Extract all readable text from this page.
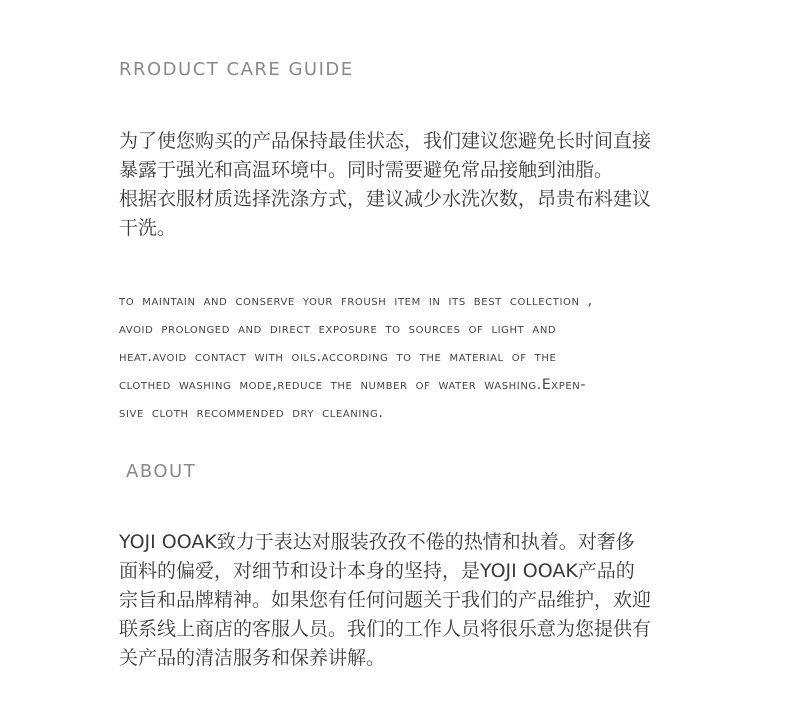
RRODUCT CARE GUIDE

为了使您购买的产品保持最佳状态，我们建议您避免长时间直接
暴露于强光和高温环境中。同时需要避免常品接触到油脂。
根据衣服材质选择洗涤方式，建议减少水洗次数，昂贵布料建议
干洗。

to maintain and conserve your froush item in its best collection ,
avoid prolonged and direct exposure to sources of light and
heat.avoid contact with oils.according to the material of the
clothed washing mode,reduce the number of water washing.Expen-
sive cloth recommended dry cleaning.

ABOUT

YOJI OOAK致力于表达对服装孜孜不倦的热情和执着。对奢侈
面料的偏爱，对细节和设计本身的坚持，是YOJI OOAK产品的
宗旨和品牌精神。如果您有任何问题关于我们的产品维护，欢迎
联系线上商店的客服人员。我们的工作人员将很乐意为您提供有
关产品的清洁服务和保养讲解。
